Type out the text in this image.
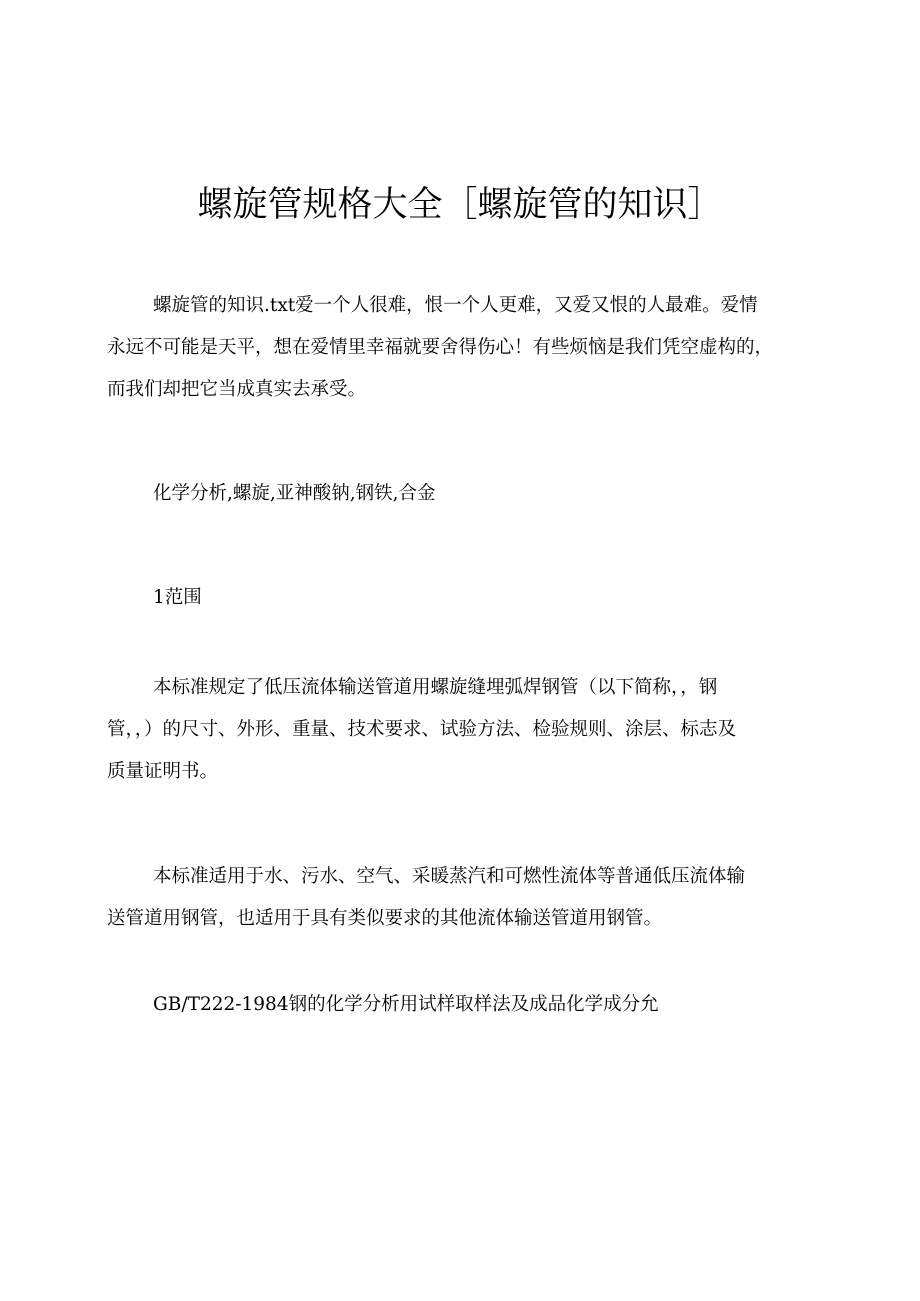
螺旋管规格大全［螺旋管的知识］
螺旋管的知识.txt爱一个人很难，恨一个人更难，又爱又恨的人最难。爱情
永远不可能是天平，想在爱情里幸福就要舍得伤心！有些烦恼是我们凭空虚构的，
而我们却把它当成真实去承受。
化学分析,螺旋,亚神酸钠,钢铁,合金
1范围
本标准规定了低压流体输送管道用螺旋缝埋弧焊钢管（以下简称，，钢
管，，）的尺寸、外形、重量、技术要求、试验方法、检验规则、涂层、标志及
质量证明书。
本标准适用于水、污水、空气、采暖蒸汽和可燃性流体等普通低压流体输
送管道用钢管，也适用于具有类似要求的其他流体输送管道用钢管。
GB/T222-1984钢的化学分析用试样取样法及成品化学成分允
